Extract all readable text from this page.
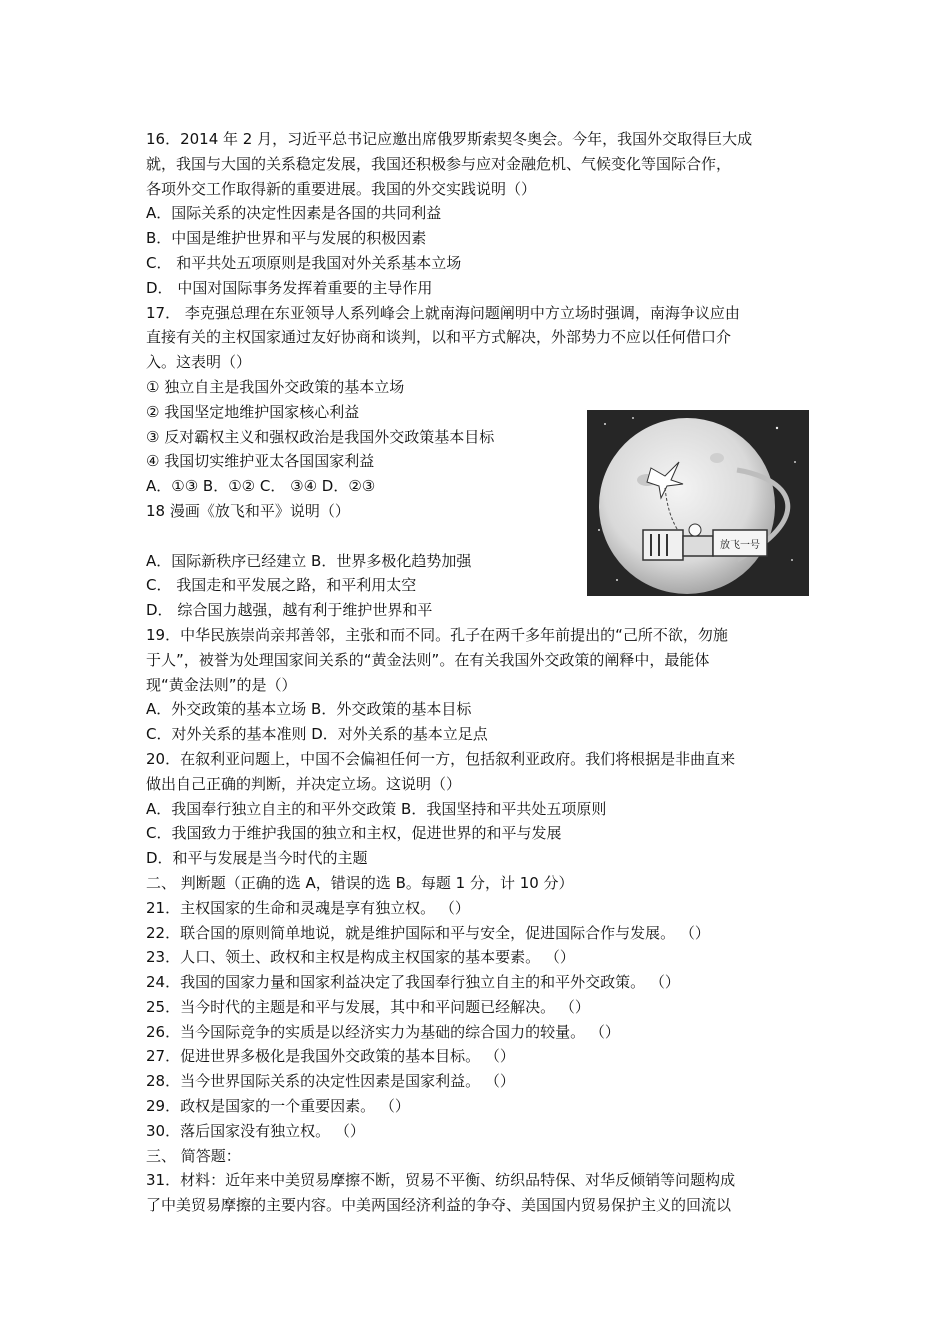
16．2014 年 2 月，习近平总书记应邀出席俄罗斯索契冬奥会。今年，我国外交取得巨大成
就，我国与大国的关系稳定发展，我国还积极参与应对金融危机、气候变化等国际合作，
各项外交工作取得新的重要进展。我国的外交实践说明（）
A．国际关系的决定性因素是各国的共同利益
B．中国是维护世界和平与发展的积极因素
C． 和平共处五项原则是我国对外关系基本立场
D． 中国对国际事务发挥着重要的主导作用
17． 李克强总理在东亚领导人系列峰会上就南海问题阐明中方立场时强调，南海争议应由
直接有关的主权国家通过友好协商和谈判，以和平方式解决，外部势力不应以任何借口介
入。这表明（）
① 独立自主是我国外交政策的基本立场
② 我国坚定地维护国家核心利益
③ 反对霸权主义和强权政治是我国外交政策基本目标
④ 我国切实维护亚太各国国家利益
A．①③ B．①② C． ③④ D．②③
18 漫画《放飞和平》说明（）
A．国际新秩序已经建立 B．世界多极化趋势加强
C． 我国走和平发展之路，和平利用太空
D． 综合国力越强，越有利于维护世界和平
19．中华民族崇尚亲邦善邻，主张和而不同。孔子在两千多年前提出的“己所不欲，勿施
于人”，被誉为处理国家间关系的“黄金法则”。在有关我国外交政策的阐释中，最能体
现“黄金法则”的是（）
A．外交政策的基本立场 B．外交政策的基本目标
C．对外关系的基本准则 D．对外关系的基本立足点
20．在叙利亚问题上，中国不会偏袒任何一方，包括叙利亚政府。我们将根据是非曲直来
做出自己正确的判断，并决定立场。这说明（）
A．我国奉行独立自主的和平外交政策 B．我国坚持和平共处五项原则
C．我国致力于维护我国的独立和主权，促进世界的和平与发展
D．和平与发展是当今时代的主题
二、 判断题（正确的选 A，错误的选 B。每题 1 分，计 10 分）
21．主权国家的生命和灵魂是享有独立权。 （）
22．联合国的原则简单地说，就是维护国际和平与安全，促进国际合作与发展。 （）
23．人口、领土、政权和主权是构成主权国家的基本要素。 （）
24．我国的国家力量和国家利益决定了我国奉行独立自主的和平外交政策。 （）
25．当今时代的主题是和平与发展，其中和平问题已经解决。 （）
26．当今国际竞争的实质是以经济实力为基础的综合国力的较量。 （）
27．促进世界多极化是我国外交政策的基本目标。 （）
28．当今世界国际关系的决定性因素是国家利益。 （）
29．政权是国家的一个重要因素。 （）
30．落后国家没有独立权。 （）
三、 简答题：
31．材料：近年来中美贸易摩擦不断，贸易不平衡、纺织品特保、对华反倾销等问题构成
了中美贸易摩擦的主要内容。中美两国经济利益的争夺、美国国内贸易保护主义的回流以
放飞一号
